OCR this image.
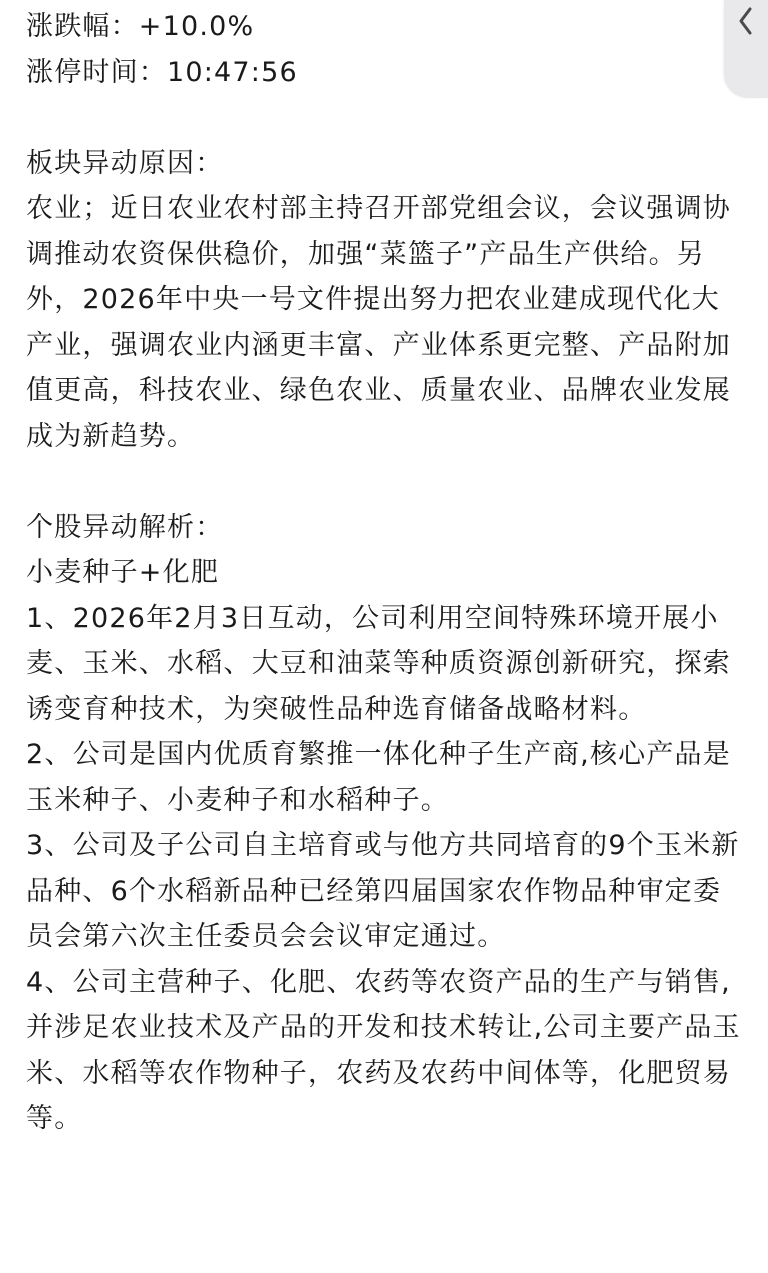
涨跌幅：+10.0%
涨停时间：10:47:56
板块异动原因：
农业；近日农业农村部主持召开部党组会议，会议强调协调推动农资保供稳价，加强“菜篮子”产品生产供给。另外，2026年中央一号文件提出努力把农业建成现代化大产业，强调农业内涵更丰富、产业体系更完整、产品附加值更高，科技农业、绿色农业、质量农业、品牌农业发展成为新趋势。
个股异动解析：
小麦种子+化肥
1、2026年2月3日互动，公司利用空间特殊环境开展小麦、玉米、水稻、大豆和油菜等种质资源创新研究，探索诱变育种技术，为突破性品种选育储备战略材料。
2、公司是国内优质育繁推一体化种子生产商,核心产品是玉米种子、小麦种子和水稻种子。
3、公司及子公司自主培育或与他方共同培育的9个玉米新品种、6个水稻新品种已经第四届国家农作物品种审定委员会第六次主任委员会会议审定通过。
4、公司主营种子、化肥、农药等农资产品的生产与销售,并涉足农业技术及产品的开发和技术转让,公司主要产品玉米、水稻等农作物种子，农药及农药中间体等，化肥贸易等。
